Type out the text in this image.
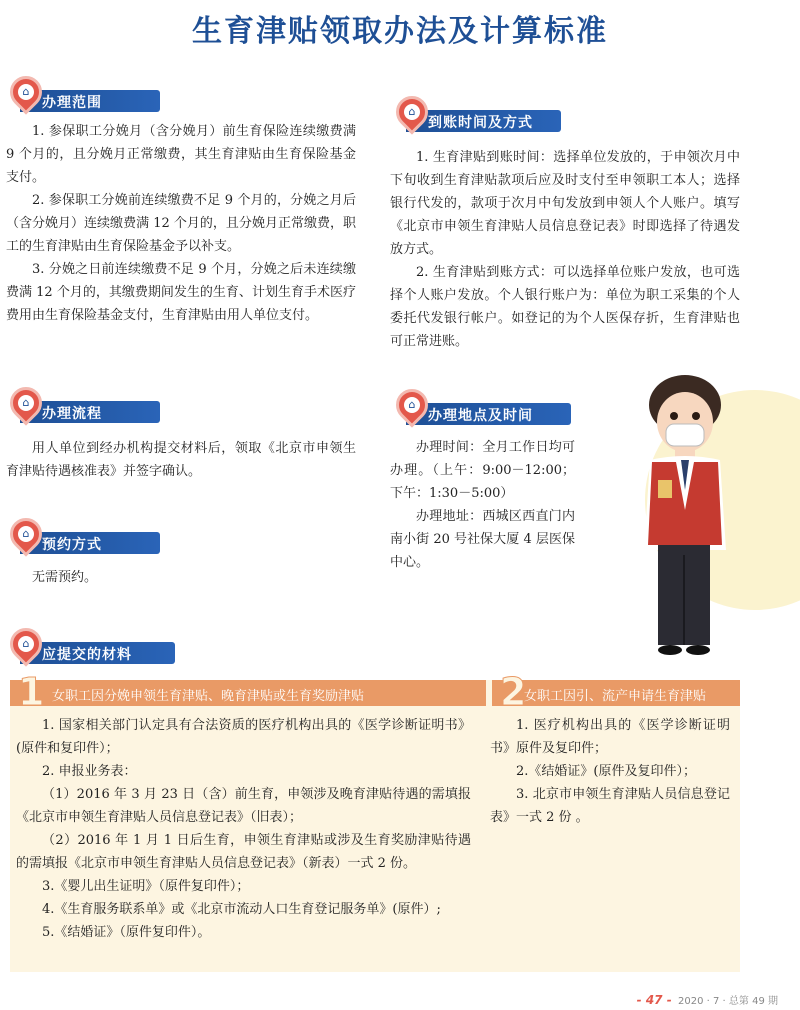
生育津贴领取办法及计算标准
⌂
办理范围

1. 参保职工分娩月（含分娩月）前生育保险连续缴费满 9 个月的，且分娩月正常缴费，其生育津贴由生育保险基金支付。

2. 参保职工分娩前连续缴费不足 9 个月的，分娩之月后（含分娩月）连续缴费满 12 个月的，且分娩月正常缴费，职工的生育津贴由生育保险基金予以补支。

3. 分娩之日前连续缴费不足 9 个月，分娩之后未连续缴费满 12 个月的，其缴费期间发生的生育、计划生育手术医疗费用由生育保险基金支付，生育津贴由用人单位支付。

⌂
办理流程

用人单位到经办机构提交材料后，领取《北京市申领生育津贴待遇核准表》并签字确认。

⌂
预约方式

无需预约。

⌂
到账时间及方式

1. 生育津贴到账时间：选择单位发放的，于申领次月中下旬收到生育津贴款项后应及时支付至申领职工本人；选择银行代发的，款项于次月中旬发放到申领人个人账户。填写《北京市申领生育津贴人员信息登记表》时即选择了待遇发放方式。

2. 生育津贴到账方式：可以选择单位账户发放，也可选择个人账户发放。个人银行账户为：单位为职工采集的个人委托代发银行帐户。如登记的为个人医保存折，生育津贴也可正常进账。

⌂
办理地点及时间

办理时间：全月工作日均可办理。（上午：9:00－12:00；下午：1:30－5:00）

办理地址：西城区西直门内南小街 20 号社保大厦 4 层医保中心。

⌂
应提交的材料
1 女职工因分娩申领生育津贴、晚育津贴或生育奖励津贴	2
女职工因引、流产申请生育津贴

1. 国家相关部门认定具有合法资质的医疗机构出具的《医学诊断证明书》(原件和复印件）；

2. 申报业务表：

（1）2016 年 3 月 23 日（含）前生育，申领涉及晚育津贴待遇的需填报《北京市申领生育津贴人员信息登记表》（旧表）；

（2）2016 年 1 月 1 日后生育，申领生育津贴或涉及生育奖励津贴待遇的需填报《北京市申领生育津贴人员信息登记表》（新表）一式 2 份。

3.《婴儿出生证明》（原件复印件）；

4.《生育服务联系单》或《北京市流动人口生育登记服务单》(原件）;

5.《结婚证》（原件复印件）。

1. 医疗机构出具的《医学诊断证明书》原件及复印件；

2.《结婚证》(原件及复印件）；

3. 北京市申领生育津贴人员信息登记表》一式 2 份 。

- 47 - 2020 · 7 · 总第 49 期
